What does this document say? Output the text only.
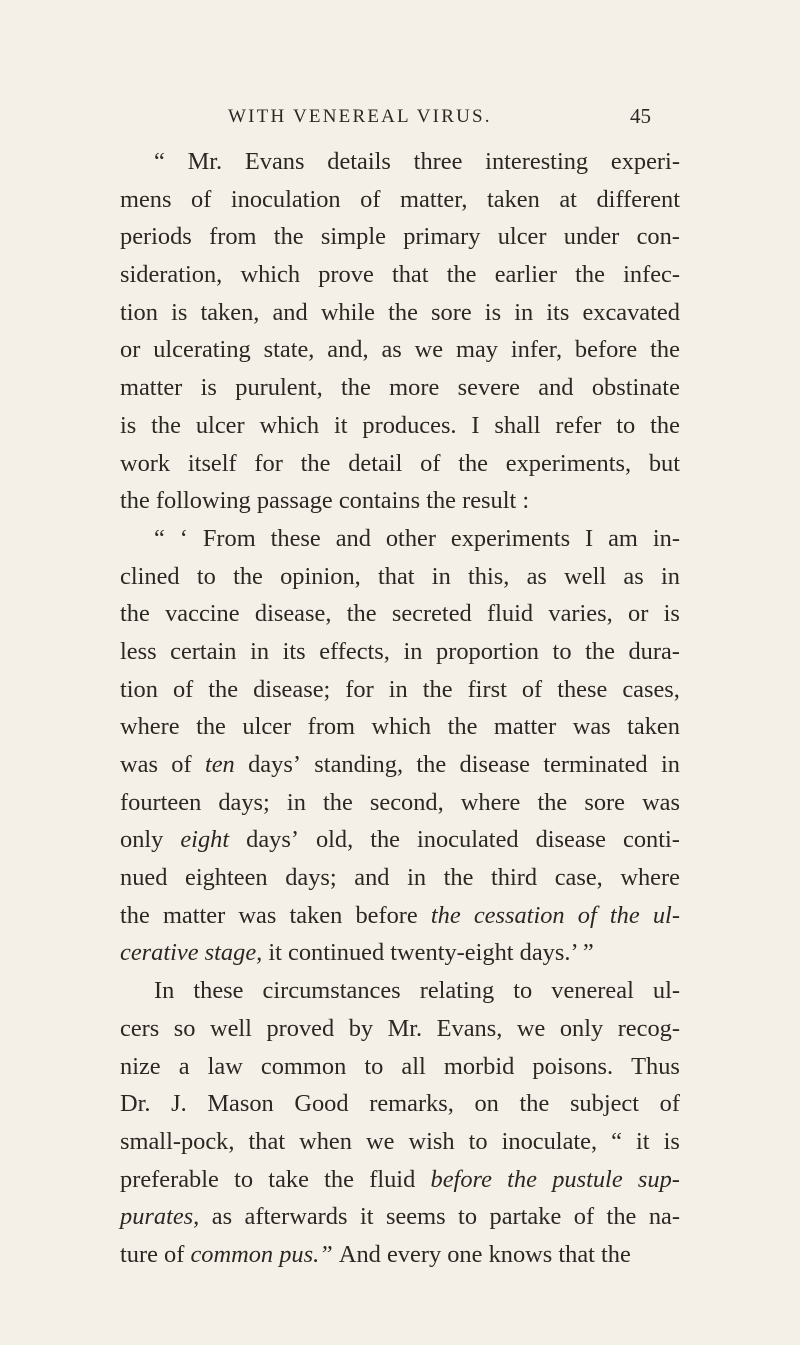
WITH VENEREAL VIRUS.	45
“ Mr. Evans details three interesting experi-
mens of inoculation of matter, taken at different
periods from the simple primary ulcer under con-
sideration, which prove that the earlier the infec-
tion is taken, and while the sore is in its excavated
or ulcerating state, and, as we may infer, before the
matter is purulent, the more severe and obstinate
is the ulcer which it produces. I shall refer to the
work itself for the detail of the experiments, but
the following passage contains the result :
“ ‘ From these and other experiments I am in-
clined to the opinion, that in this, as well as in
the vaccine disease, the secreted fluid varies, or is
less certain in its effects, in proportion to the dura-
tion of the disease; for in the first of these cases,
where the ulcer from which the matter was taken
was of ten days’ standing, the disease terminated in
fourteen days; in the second, where the sore was
only eight days’ old, the inoculated disease conti-
nued eighteen days; and in the third case, where
the matter was taken before the cessation of the ul-
cerative stage, it continued twenty-eight days.’ ”
In these circumstances relating to venereal ul-
cers so well proved by Mr. Evans, we only recog-
nize a law common to all morbid poisons. Thus
Dr. J. Mason Good remarks, on the subject of
small-pock, that when we wish to inoculate, “ it is
preferable to take the fluid before the pustule sup-
purates, as afterwards it seems to partake of the na-
ture of common pus.” And every one knows that the
